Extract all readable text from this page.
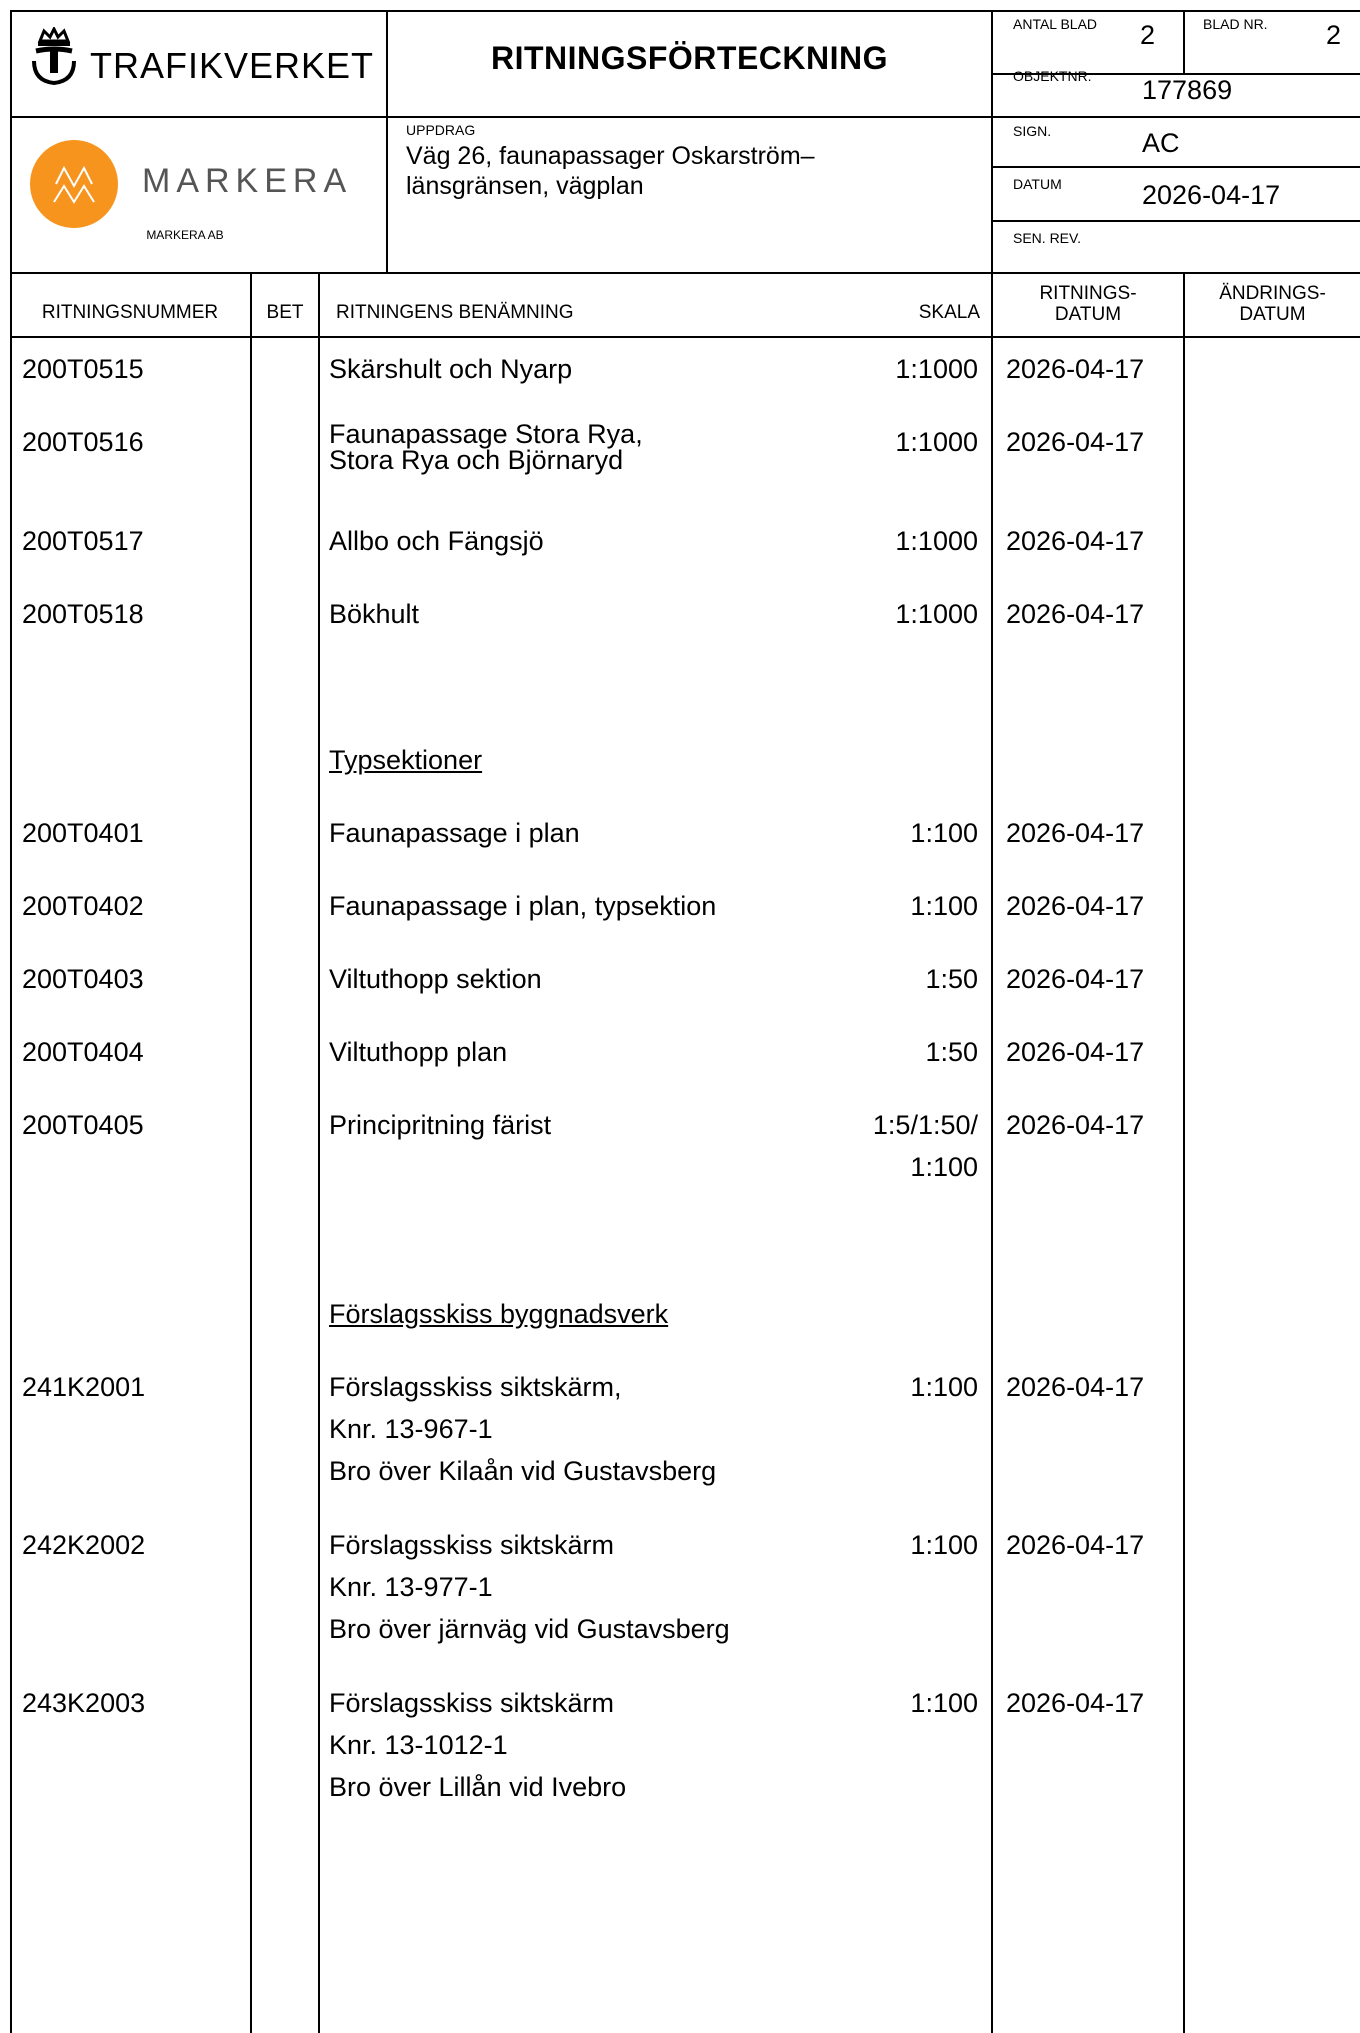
TRAFIKVERKET	RITNINGSFÖRTECKNING
MARKERA
MARKERA AB
UPPDRAG
Väg 26, faunapassager Oskarström–
länsgränsen, vägplan
ANTAL BLAD 2	BLAD NR. 2
OBJEKTNR. 177869
SIGN.	AC
DATUM	2026-04-17
SEN. REV.
RITNINGSNUMMER	BET	RITNINGENS BENÄMNING	SKALA
RITNINGS-
DATUM
ÄNDRINGS-
DATUM
200T0515	Skärshult och Nyarp	1:1000 2026-04-17
200T0516	Faunapassage Stora Rya,
Stora Rya och Björnaryd
1:1000 2026-04-17
200T0517	Allbo och Fängsjö	1:1000 2026-04-17
200T0518	Bökhult	1:1000 2026-04-17
Typsektioner
200T0401	Faunapassage i plan	1:100 2026-04-17
200T0402	Faunapassage i plan, typsektion	1:100 2026-04-17
200T0403	Viltuthopp sektion	1:50 2026-04-17
200T0404	Viltuthopp plan	1:50 2026-04-17
200T0405	Principritning färist	1:5/1:50/
1:100
2026-04-17
Förslagsskiss byggnadsverk
241K2001	Förslagsskiss siktskärm,
Knr. 13-967-1
Bro över Kilaån vid Gustavsberg
1:100 2026-04-17
242K2002	Förslagsskiss siktskärm
Knr. 13-977-1
Bro över järnväg vid Gustavsberg
1:100 2026-04-17
243K2003	Förslagsskiss siktskärm
Knr. 13-1012-1
Bro över Lillån vid Ivebro
1:100 2026-04-17
